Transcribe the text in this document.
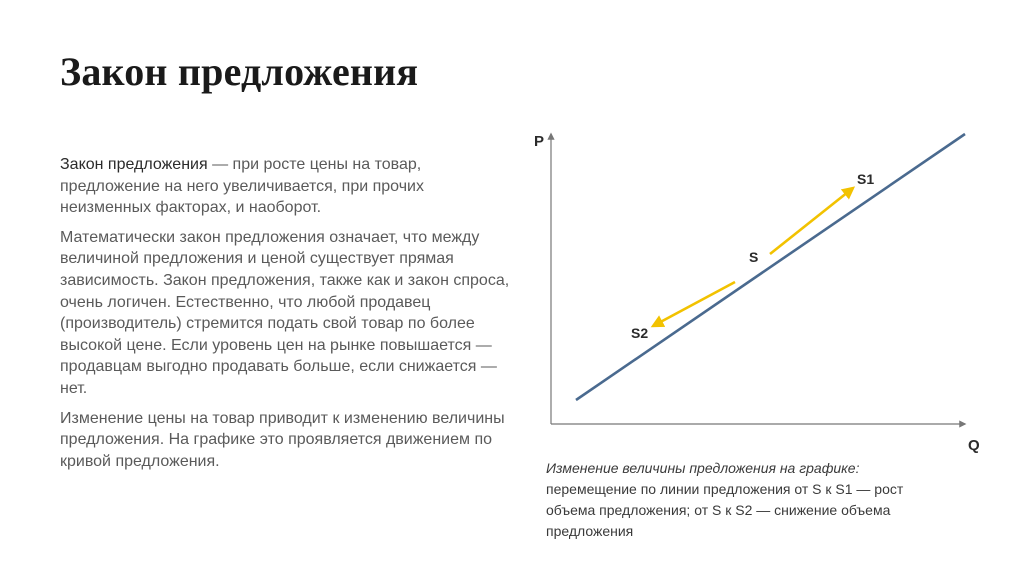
Закон предложения

Закон предложения — при росте цены на товар, предложение на него увеличивается, при прочих неизменных факторах, и наоборот.

Математически закон предложения означает, что между величиной предложения и ценой существует прямая зависимость. Закон предложения, также как и закон спроса, очень логичен. Естественно, что любой продавец (производитель) стремится подать свой товар по более высокой цене. Если уровень цен на рынке повышается — продавцам выгодно продавать больше, если снижается — нет.

Изменение цены на товар приводит к изменению величины предложения. На графике это проявляется движением по кривой предложения.

P
Q
S1
S
S2
Изменение величины предложения на графике:
перемещение по линии предложения от S к S1 — рост объема предложения; от S к S2 — снижение объема предложения
